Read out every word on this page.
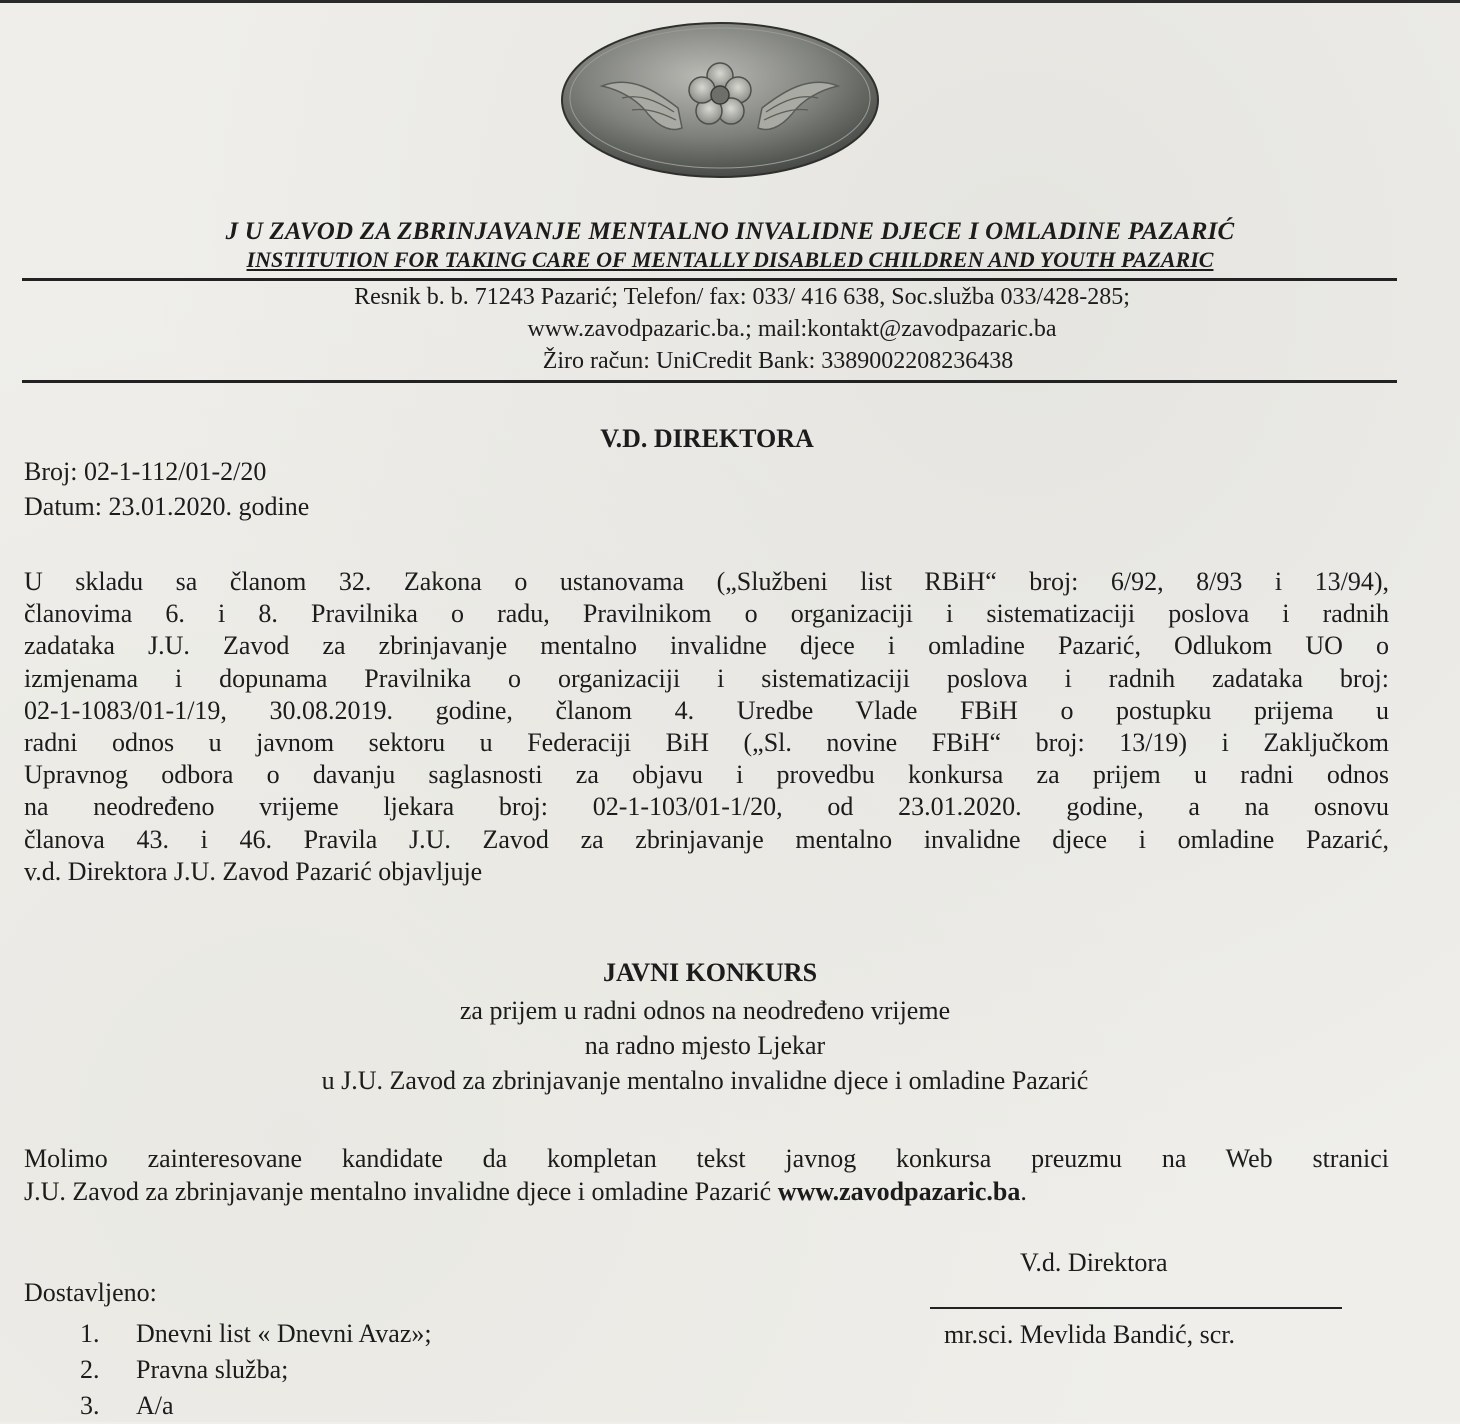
J U ZAVOD ZA ZBRINJAVANJE MENTALNO INVALIDNE DJECE I OMLADINE PAZARIĆ
INSTITUTION FOR TAKING CARE OF MENTALLY DISABLED CHILDREN AND YOUTH PAZARIC
Resnik b. b. 71243 Pazarić; Telefon/ fax: 033/ 416 638, Soc.služba 033/428-285;
www.zavodpazaric.ba.; mail:kontakt@zavodpazaric.ba
Žiro račun: UniCredit Bank: 3389002208236438
V.D. DIREKTORA
Broj: 02-1-112/01-2/20
Datum: 23.01.2020. godine
U skladu sa članom 32. Zakona o ustanovama („Službeni list RBiH“ broj: 6/92, 8/93 i 13/94),
članovima 6. i 8. Pravilnika o radu, Pravilnikom o organizaciji i sistematizaciji poslova i radnih
zadataka J.U. Zavod za zbrinjavanje mentalno invalidne djece i omladine Pazarić, Odlukom UO o
izmjenama i dopunama Pravilnika o organizaciji i sistematizaciji poslova i radnih zadataka broj:
02-1-1083/01-1/19, 30.08.2019. godine, članom 4. Uredbe Vlade FBiH o postupku prijema u
radni odnos u javnom sektoru u Federaciji BiH („Sl. novine FBiH“ broj: 13/19) i Zaključkom
Upravnog odbora o davanju saglasnosti za objavu i provedbu konkursa za prijem u radni odnos
na neodređeno vrijeme ljekara broj: 02-1-103/01-1/20, od 23.01.2020. godine, a na osnovu
članova 43. i 46. Pravila J.U. Zavod za zbrinjavanje mentalno invalidne djece i omladine Pazarić,
v.d. Direktora J.U. Zavod Pazarić objavljuje
JAVNI KONKURS
za prijem u radni odnos na neodređeno vrijeme
na radno mjesto Ljekar
u J.U. Zavod za zbrinjavanje mentalno invalidne djece i omladine Pazarić
Molimo zainteresovane kandidate da kompletan tekst javnog konkursa preuzmu na Web stranici
J.U. Zavod za zbrinjavanje mentalno invalidne djece i omladine Pazarić www.zavodpazaric.ba.
V.d. Direktora
mr.sci. Mevlida Bandić, scr.
Dostavljeno:
1. Dnevni list « Dnevni Avaz»;
2. Pravna služba;
3. A/a
